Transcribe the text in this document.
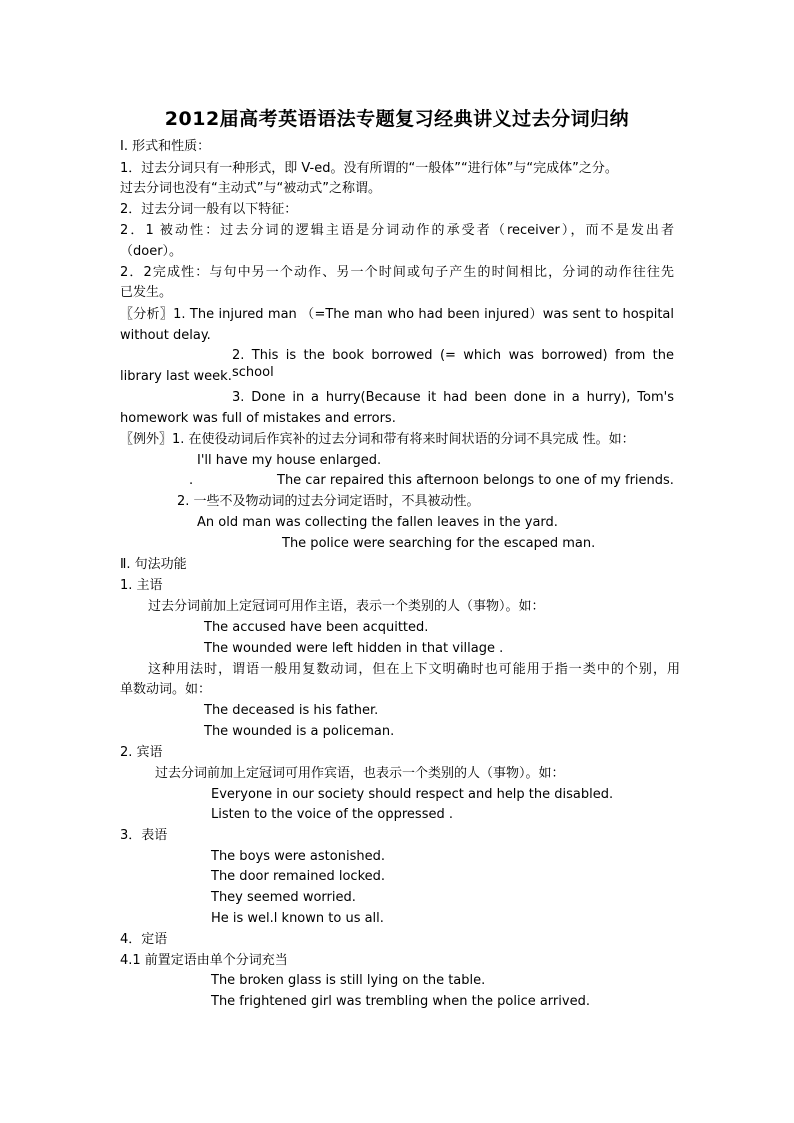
2012届高考英语语法专题复习经典讲义过去分词归纳
Ⅰ. 形式和性质：
1．过去分词只有一种形式，即 V-ed。没有所谓的“一般体”“进行体”与“完成体”之分。
过去分词也没有“主动式”与“被动式”之称谓。
2．过去分词一般有以下特征：
2．1 被动性：过去分词的逻辑主语是分词动作的承受者（receiver），而不是发出者
（doer）。
2．2完成性：与句中另一个动作、另一个时间或句子产生的时间相比，分词的动作往往先
已发生。
〖分析〗1. The injured man （=The man who had been injured）was sent to hospital
without delay.
2. This is the book borrowed (= which was borrowed) from the school
library last week.
3. Done in a hurry(Because it had been done in a hurry), Tom's
homework was full of mistakes and errors.
〖例外〗1. 在使役动词后作宾补的过去分词和带有将来时间状语的分词不具完成 性。如：
I'll have my house enlarged.
.	The car repaired this afternoon belongs to one of my friends.
2. 一些不及物动词的过去分词定语时，不具被动性。
An old man was collecting the fallen leaves in the yard.
The police were searching for the escaped man.
Ⅱ. 句法功能
1. 主语
过去分词前加上定冠词可用作主语，表示一个类别的人（事物）。如：
The accused have been acquitted.
The wounded were left hidden in that village .
这种用法时，谓语一般用复数动词，但在上下文明确时也可能用于指一类中的个别，用
单数动词。如：
The deceased is his father.
The wounded is a policeman.
2. 宾语
过去分词前加上定冠词可用作宾语，也表示一个类别的人（事物）。如：
Everyone in our society should respect and help the disabled.
Listen to the voice of the oppressed .
3．表语
The boys were astonished.
The door remained locked.
They seemed worried.
He is wel.l known to us all.
4．定语
4.1 前置定语由单个分词充当
The broken glass is still lying on the table.
The frightened girl was trembling when the police arrived.
